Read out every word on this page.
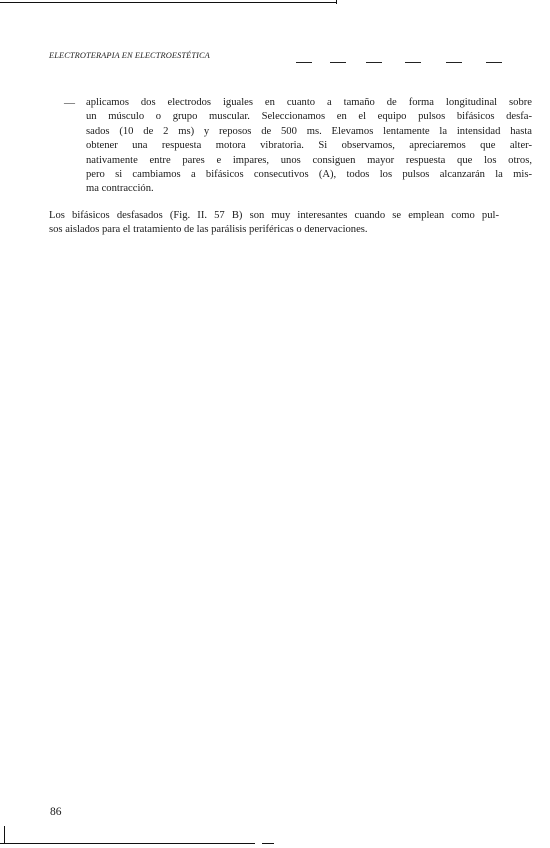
ELECTROTERAPIA EN ELECTROESTÉTICA
— aplicamos dos electrodos iguales en cuanto a tamaño de forma longitudinal sobre
un músculo o grupo muscular. Seleccionamos en el equipo pulsos bifásicos desfa-
sados (10 de 2 ms) y reposos de 500 ms. Elevamos lentamente la intensidad hasta
obtener una respuesta motora vibratoria. Si observamos, apreciaremos que alter-
nativamente entre pares e impares, unos consiguen mayor respuesta que los otros,
pero si cambiamos a bifásicos consecutivos (A), todos los pulsos alcanzarán la mis-
ma contracción.
Los bifásicos desfasados (Fig. II. 57 B) son muy interesantes cuando se emplean como pul-
sos aislados para el tratamiento de las parálisis periféricas o denervaciones.
86
